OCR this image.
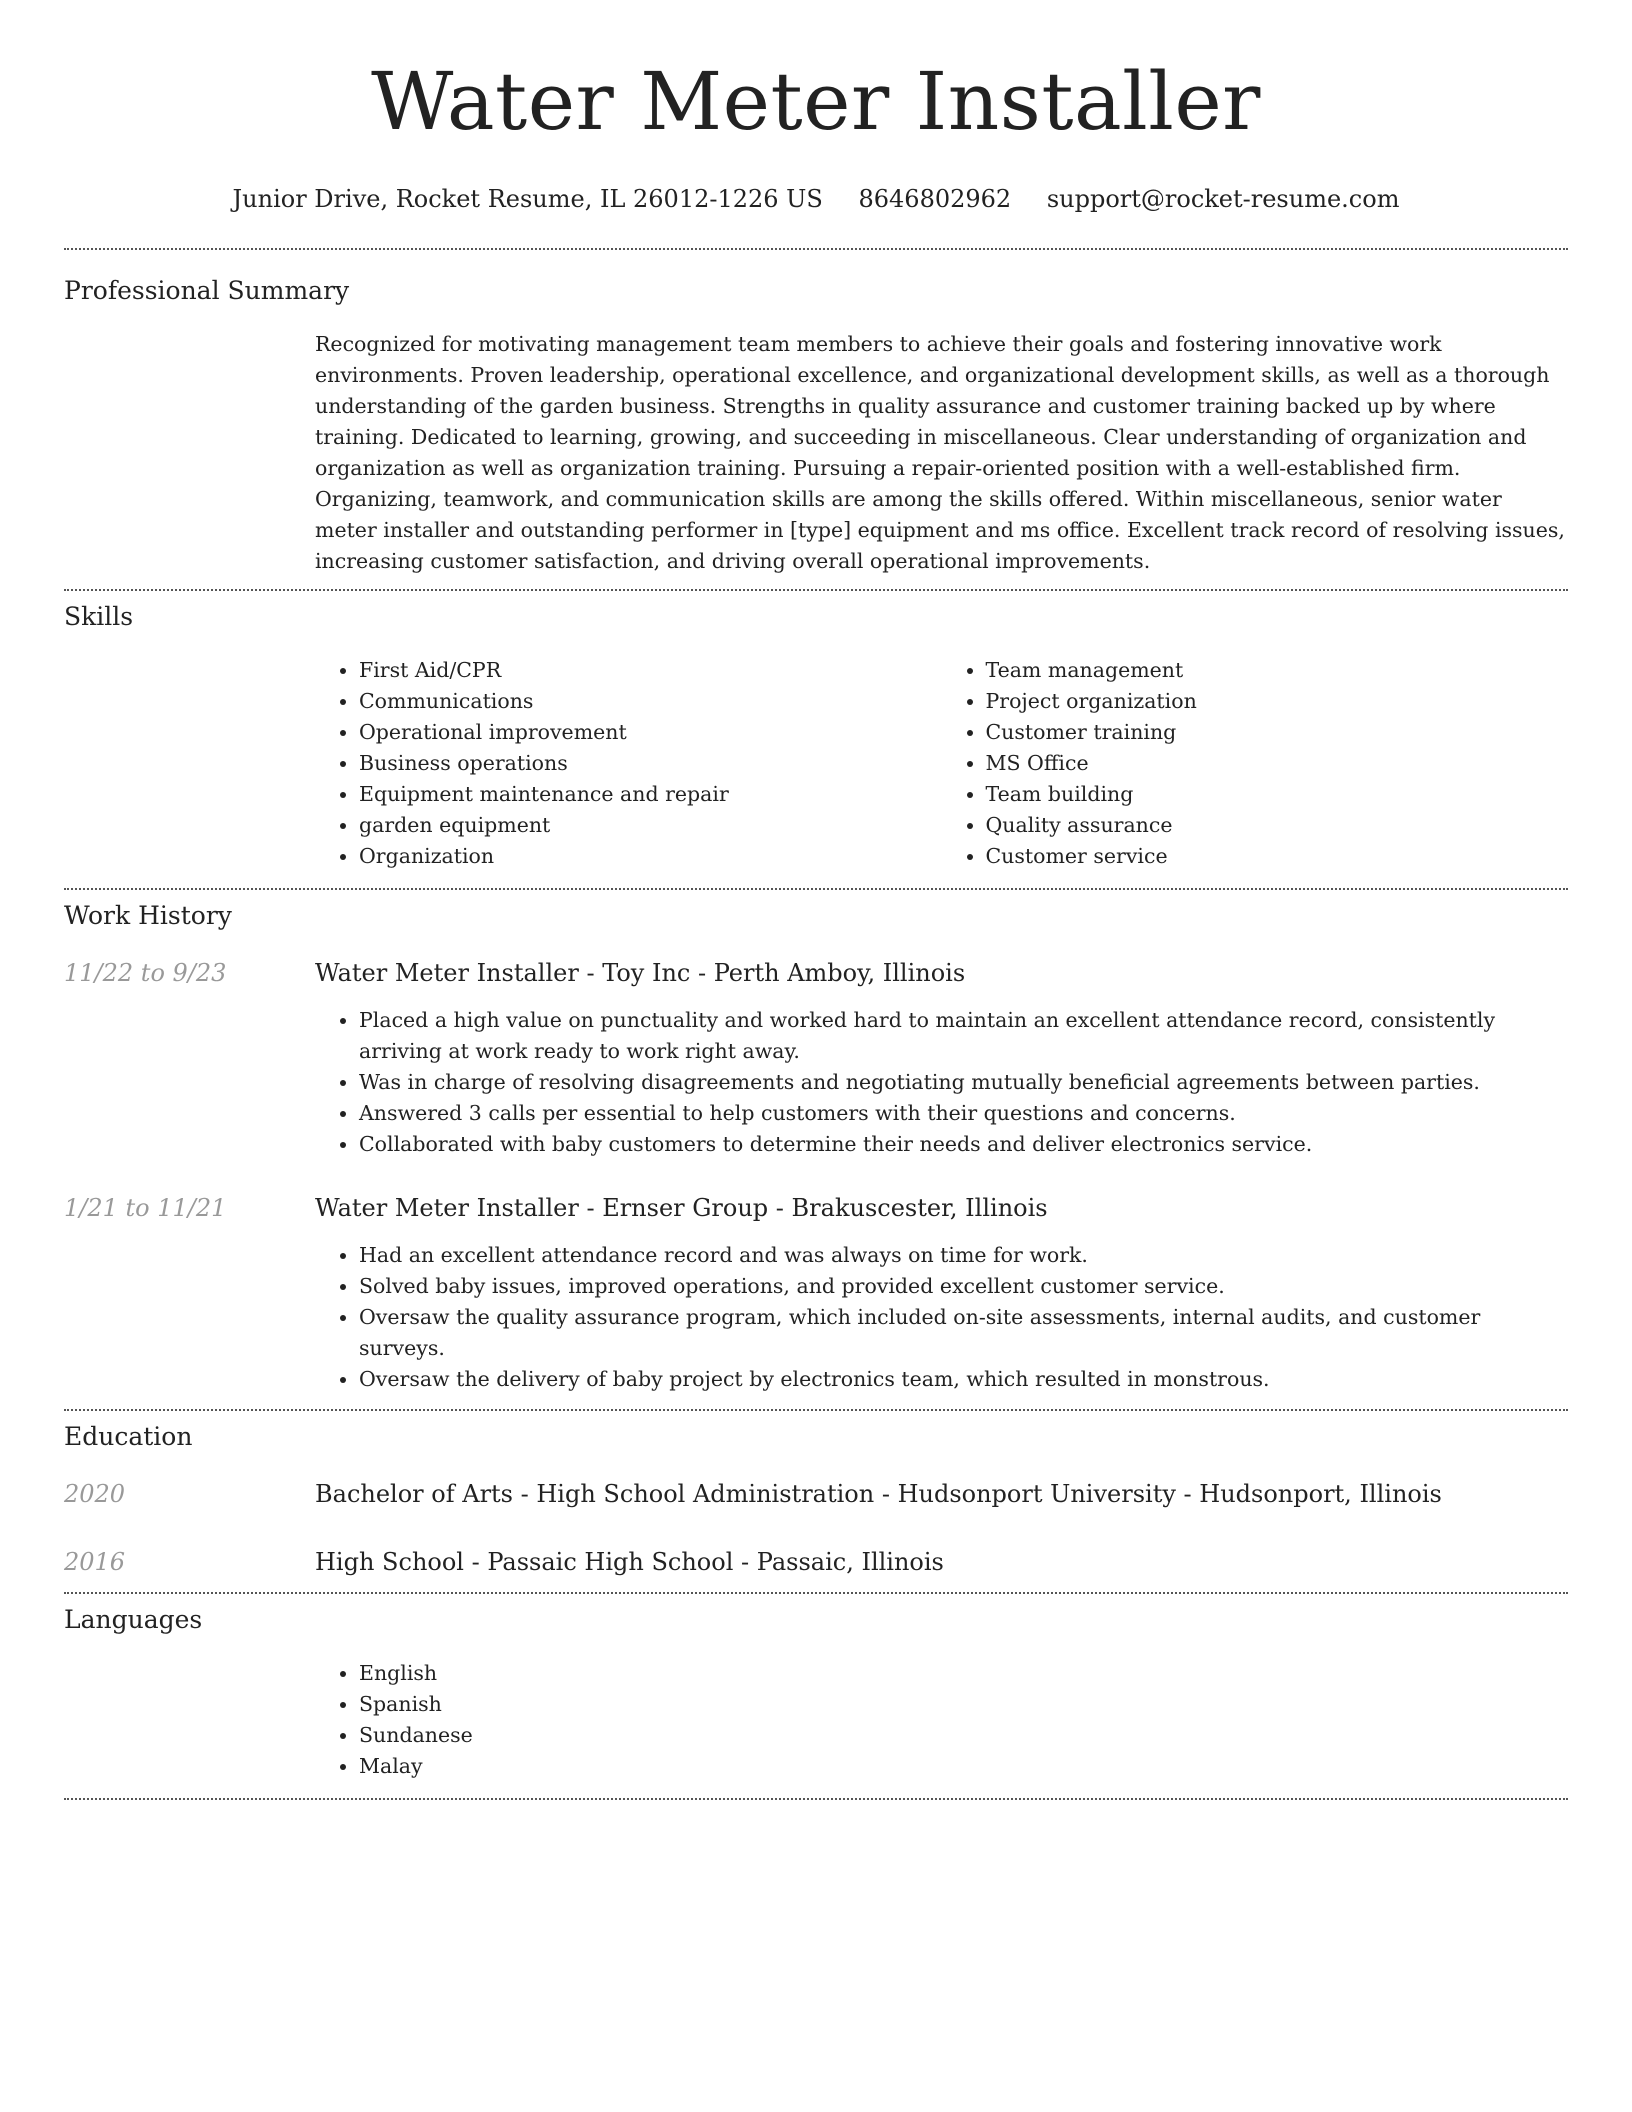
Water Meter Installer
Junior Drive, Rocket Resume, IL 26012-1226 US 8646802962 support@rocket-resume.com
Professional Summary

Recognized for motivating management team members to achieve their goals and fostering innovative work environments. Proven leadership, operational excellence, and organizational development skills, as well as a thorough understanding of the garden business. Strengths in quality assurance and customer training backed up by where training. Dedicated to learning, growing, and succeeding in miscellaneous. Clear understanding of organization and organization as well as organization training. Pursuing a repair-oriented position with a well-established firm. Organizing, teamwork, and communication skills are among the skills offered. Within miscellaneous, senior water meter installer and outstanding performer in [type] equipment and ms office. Excellent track record of resolving issues, increasing customer satisfaction, and driving overall operational improvements.

Skills
• First Aid/CPR
• Communications
• Operational improvement
• Business operations
• Equipment maintenance and repair
• garden equipment
• Organization
• Team management
• Project organization
• Customer training
• MS Office
• Team building
• Quality assurance
• Customer service
Work History
11/22 to 9/23	Water Meter Installer - Toy Inc - Perth Amboy, Illinois
• Placed a high value on punctuality and worked hard to maintain an excellent attendance record, consistently arriving at work ready to work right away.
• Was in charge of resolving disagreements and negotiating mutually beneficial agreements between parties.
• Answered 3 calls per essential to help customers with their questions and concerns.
• Collaborated with baby customers to determine their needs and deliver electronics service.
1/21 to 11/21	Water Meter Installer - Ernser Group - Brakuscester, Illinois
• Had an excellent attendance record and was always on time for work.
• Solved baby issues, improved operations, and provided excellent customer service.
• Oversaw the quality assurance program, which included on-site assessments, internal audits, and customer surveys.
• Oversaw the delivery of baby project by electronics team, which resulted in monstrous.
Education
2020	Bachelor of Arts - High School Administration - Hudsonport University - Hudsonport, Illinois
2016	High School - Passaic High School - Passaic, Illinois
Languages
• English
• Spanish
• Sundanese
• Malay
